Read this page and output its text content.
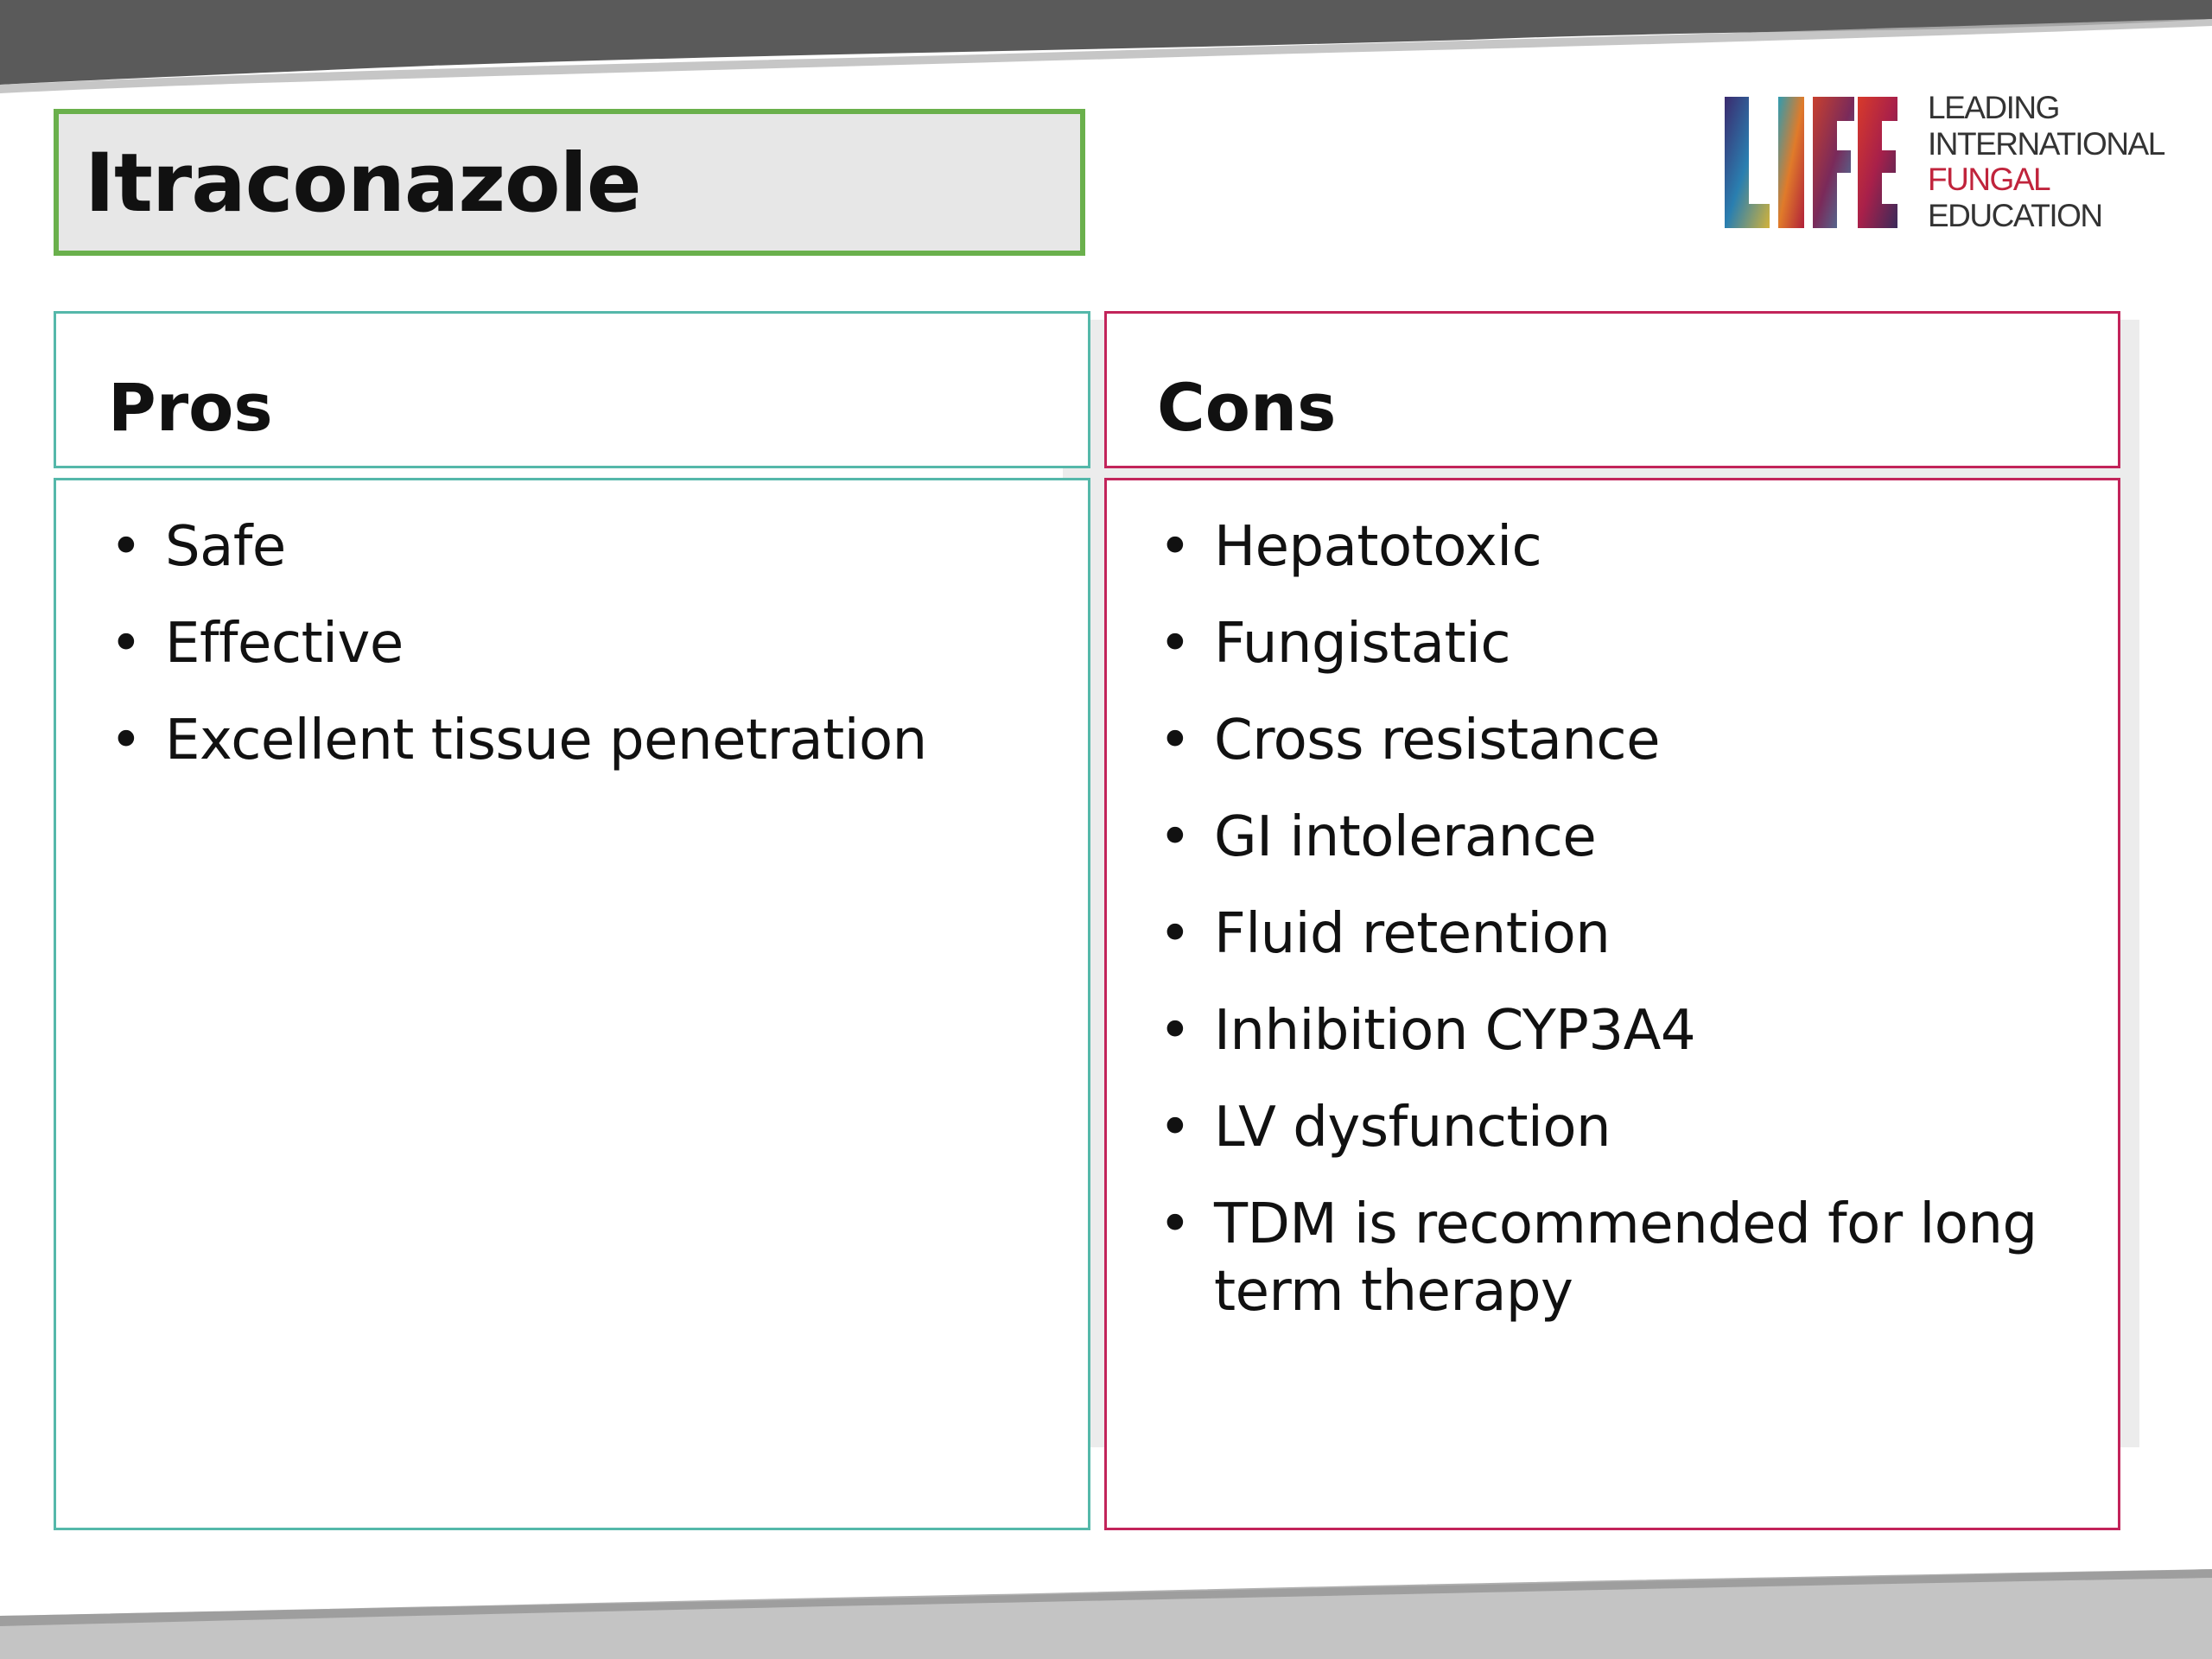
Itraconazole
LEADING
INTERNATIONAL
FUNGAL
EDUCATION
Pros	Cons
• Safe
• Effective
• Excellent tissue penetration
• Hepatotoxic
• Fungistatic
• Cross resistance
• GI intolerance
• Fluid retention
• Inhibition CYP3A4
• LV dysfunction
• TDM is recommended for long term therapy
